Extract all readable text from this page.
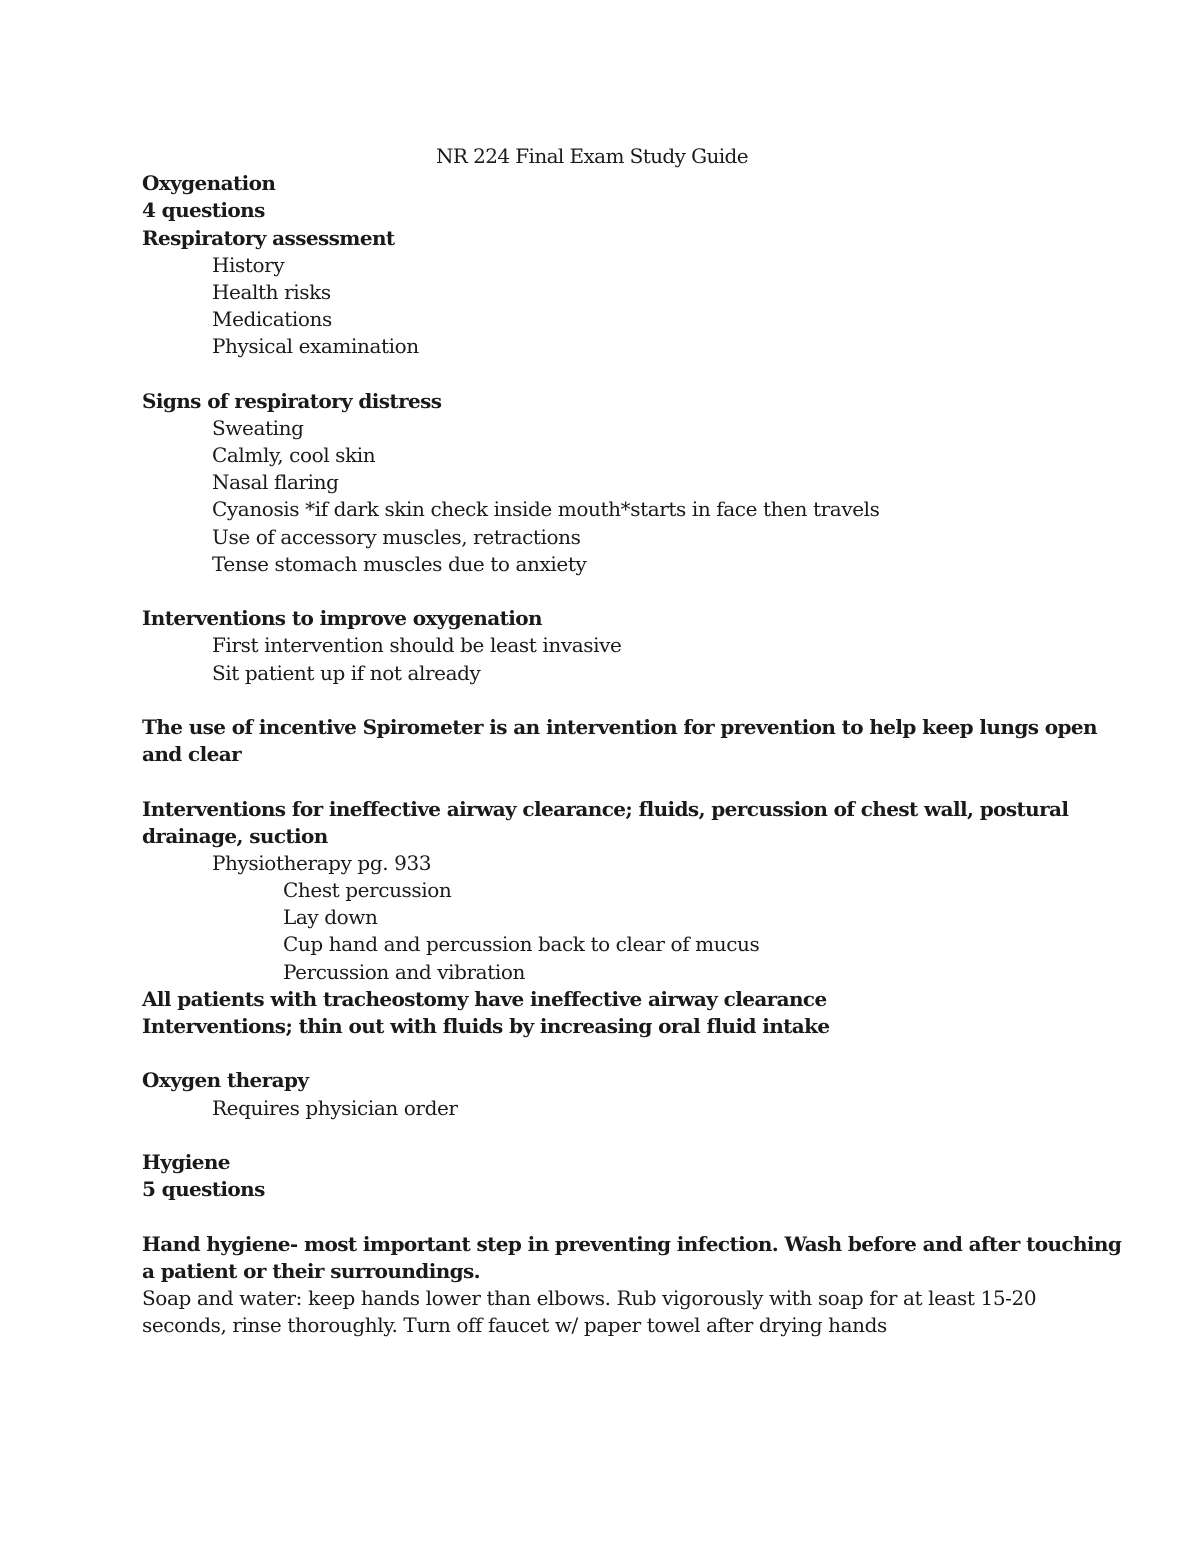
NR 224 Final Exam Study Guide
Oxygenation
4 questions
Respiratory assessment
History
Health risks
Medications
Physical examination
Signs of respiratory distress
Sweating
Calmly, cool skin
Nasal flaring
Cyanosis *if dark skin check inside mouth*starts in face then travels
Use of accessory muscles, retractions
Tense stomach muscles due to anxiety
Interventions to improve oxygenation
First intervention should be least invasive
Sit patient up if not already
The use of incentive Spirometer is an intervention for prevention to help keep lungs open
and clear
Interventions for ineffective airway clearance; fluids, percussion of chest wall, postural
drainage, suction
Physiotherapy pg. 933
Chest percussion
Lay down
Cup hand and percussion back to clear of mucus
Percussion and vibration
All patients with tracheostomy have ineffective airway clearance
Interventions; thin out with fluids by increasing oral fluid intake
Oxygen therapy
Requires physician order
Hygiene
5 questions
Hand hygiene- most important step in preventing infection. Wash before and after touching
a patient or their surroundings.
Soap and water: keep hands lower than elbows. Rub vigorously with soap for at least 15-20
seconds, rinse thoroughly. Turn off faucet w/ paper towel after drying hands
